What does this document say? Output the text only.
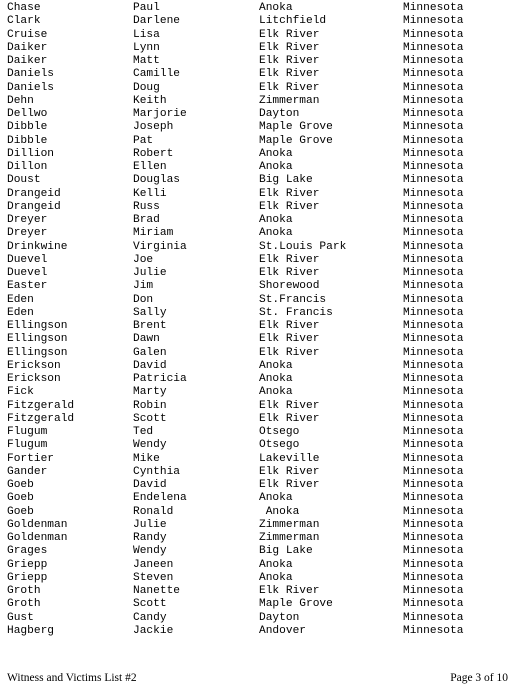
Chase	Paul	Anoka	Minnesota
Clark	Darlene	Litchfield	Minnesota
Cruise	Lisa	Elk River	Minnesota
Daiker	Lynn	Elk River	Minnesota
Daiker	Matt	Elk River	Minnesota
Daniels	Camille	Elk River	Minnesota
Daniels	Doug	Elk River	Minnesota
Dehn	Keith	Zimmerman	Minnesota
Dellwo	Marjorie	Dayton	Minnesota
Dibble	Joseph	Maple Grove	Minnesota
Dibble	Pat	Maple Grove	Minnesota
Dillion	Robert	Anoka	Minnesota
Dillon	Ellen	Anoka	Minnesota
Doust	Douglas	Big Lake	Minnesota
Drangeid	Kelli	Elk River	Minnesota
Drangeid	Russ	Elk River	Minnesota
Dreyer	Brad	Anoka	Minnesota
Dreyer	Miriam	Anoka	Minnesota
Drinkwine	Virginia	St.Louis Park	Minnesota
Duevel	Joe	Elk River	Minnesota
Duevel	Julie	Elk River	Minnesota
Easter	Jim	Shorewood	Minnesota
Eden	Don	St.Francis	Minnesota
Eden	Sally	St. Francis	Minnesota
Ellingson	Brent	Elk River	Minnesota
Ellingson	Dawn	Elk River	Minnesota
Ellingson	Galen	Elk River	Minnesota
Erickson	David	Anoka	Minnesota
Erickson	Patricia	Anoka	Minnesota
Fick	Marty	Anoka	Minnesota
Fitzgerald	Robin	Elk River	Minnesota
Fitzgerald	Scott	Elk River	Minnesota
Flugum	Ted	Otsego	Minnesota
Flugum	Wendy	Otsego	Minnesota
Fortier	Mike	Lakeville	Minnesota
Gander	Cynthia	Elk River	Minnesota
Goeb	David	Elk River	Minnesota
Goeb	Endelena	Anoka	Minnesota
Goeb	Ronald	Anoka	Minnesota
Goldenman	Julie	Zimmerman	Minnesota
Goldenman	Randy	Zimmerman	Minnesota
Grages	Wendy	Big Lake	Minnesota
Griepp	Janeen	Anoka	Minnesota
Griepp	Steven	Anoka	Minnesota
Groth	Nanette	Elk River	Minnesota
Groth	Scott	Maple Grove	Minnesota
Gust	Candy	Dayton	Minnesota
Hagberg	Jackie	Andover	Minnesota
Witness and Victims List #2	Page 3 of 10
